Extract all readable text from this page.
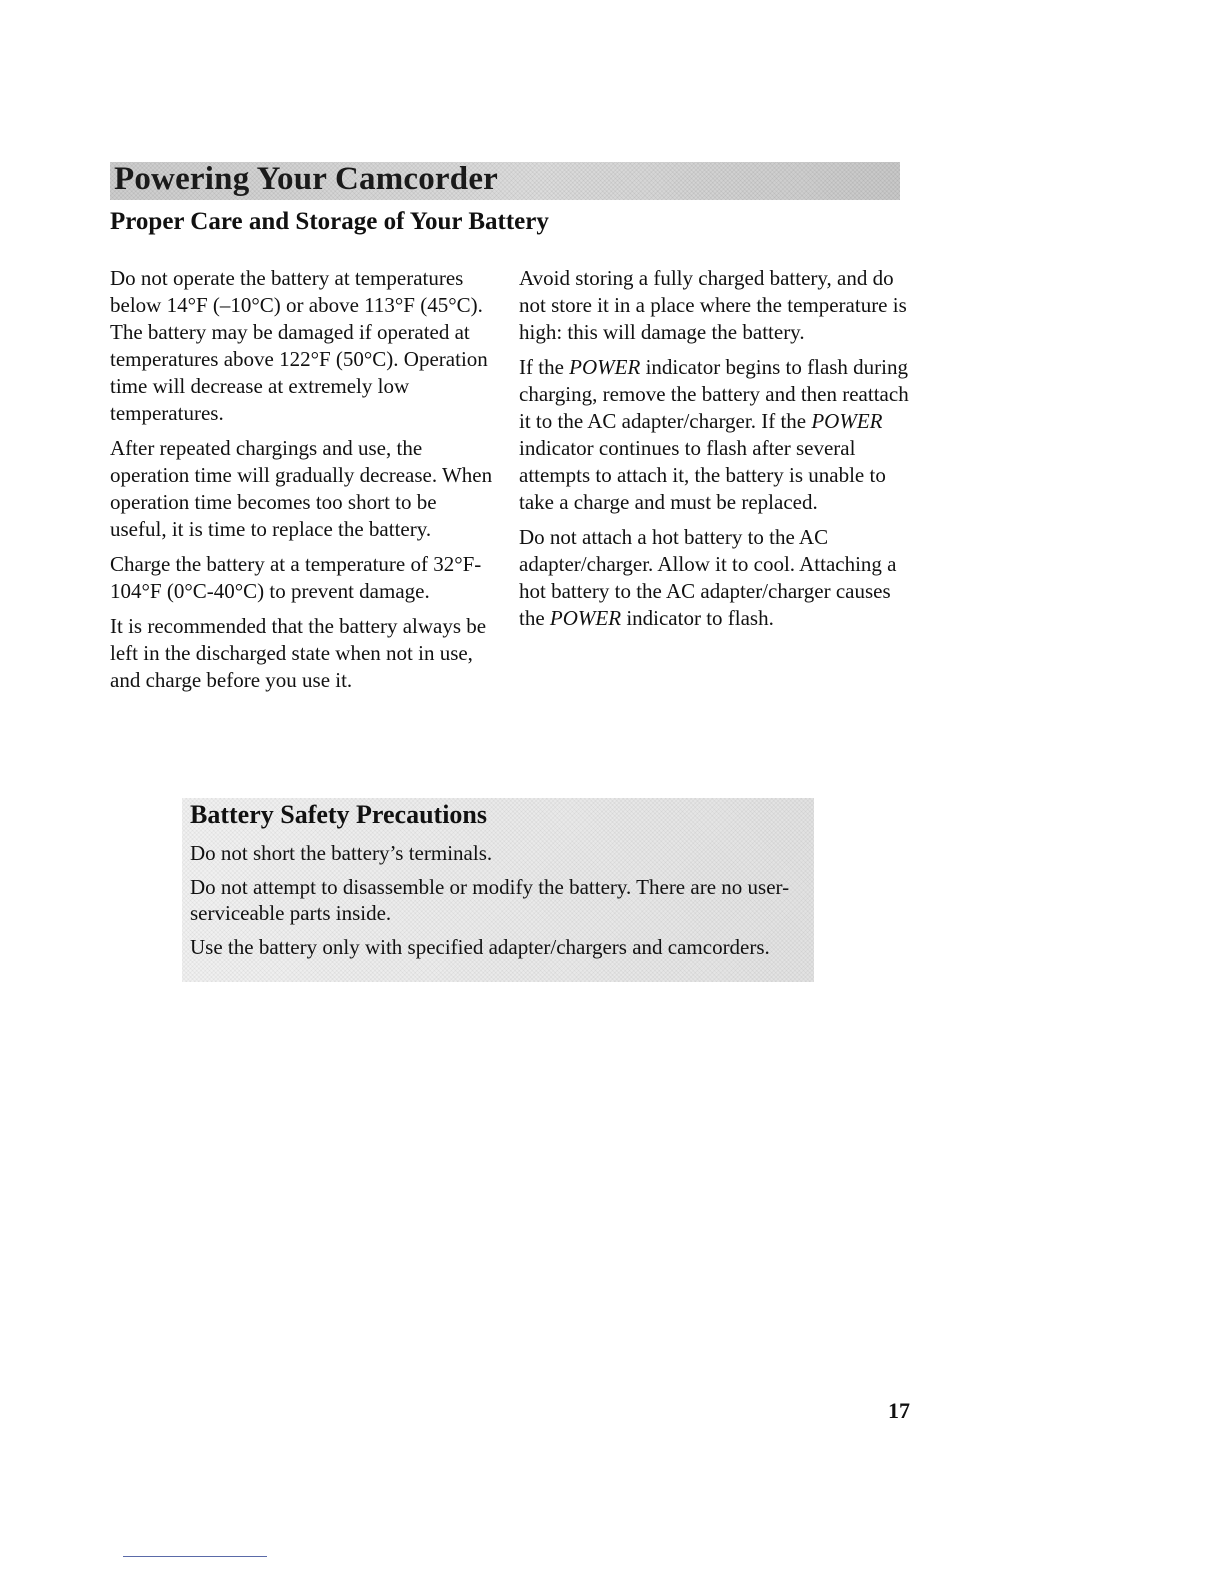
Powering Your Camcorder
Proper Care and Storage of Your Battery

Do not operate the battery at temperatures below 14°F (–10°C) or above 113°F (45°C). The battery may be damaged if operated at temperatures above 122°F (50°C). Operation time will decrease at extremely low temperatures.

After repeated chargings and use, the operation time will gradually decrease. When operation time becomes too short to be useful, it is time to replace the battery.

Charge the battery at a temperature of 32°F-104°F (0°C-40°C) to prevent damage.

It is recommended that the battery always be left in the discharged state when not in use, and charge before you use it.

Avoid storing a fully charged battery, and do not store it in a place where the temperature is high: this will damage the battery.

If the POWER indicator begins to flash during charging, remove the battery and then reattach it to the AC adapter/charger. If the POWER indicator continues to flash after several attempts to attach it, the battery is unable to take a charge and must be replaced.

Do not attach a hot battery to the AC adapter/charger. Allow it to cool. Attaching a hot battery to the AC adapter/charger causes the POWER indicator to flash.

Battery Safety Precautions

Do not short the battery’s terminals.

Do not attempt to disassemble or modify the battery. There are no user-serviceable parts inside.

Use the battery only with specified adapter/chargers and camcorders.

17
